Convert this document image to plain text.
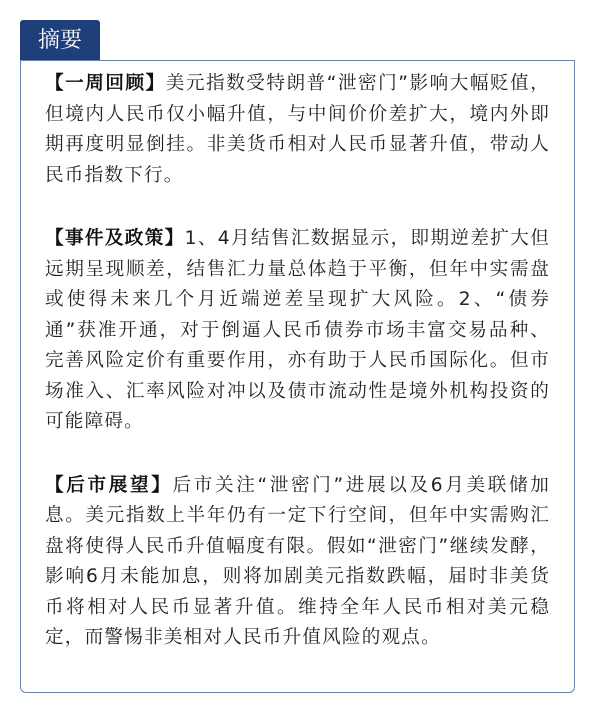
摘要

【一周回顾】美元指数受特朗普“泄密门”影响大幅贬值，但境内人民币仅小幅升值，与中间价价差扩大，境内外即期再度明显倒挂。非美货币相对人民币显著升值，带动人民币指数下行。

【事件及政策】1、4月结售汇数据显示，即期逆差扩大但远期呈现顺差，结售汇力量总体趋于平衡，但年中实需盘或使得未来几个月近端逆差呈现扩大风险。2、“债券通”获准开通，对于倒逼人民币债券市场丰富交易品种、完善风险定价有重要作用，亦有助于人民币国际化。但市场准入、汇率风险对冲以及债市流动性是境外机构投资的可能障碍。

【后市展望】后市关注“泄密门”进展以及6月美联储加息。美元指数上半年仍有一定下行空间，但年中实需购汇盘将使得人民币升值幅度有限。假如“泄密门”继续发酵，影响6月未能加息，则将加剧美元指数跌幅，届时非美货币将相对人民币显著升值。维持全年人民币相对美元稳定，而警惕非美相对人民币升值风险的观点。
